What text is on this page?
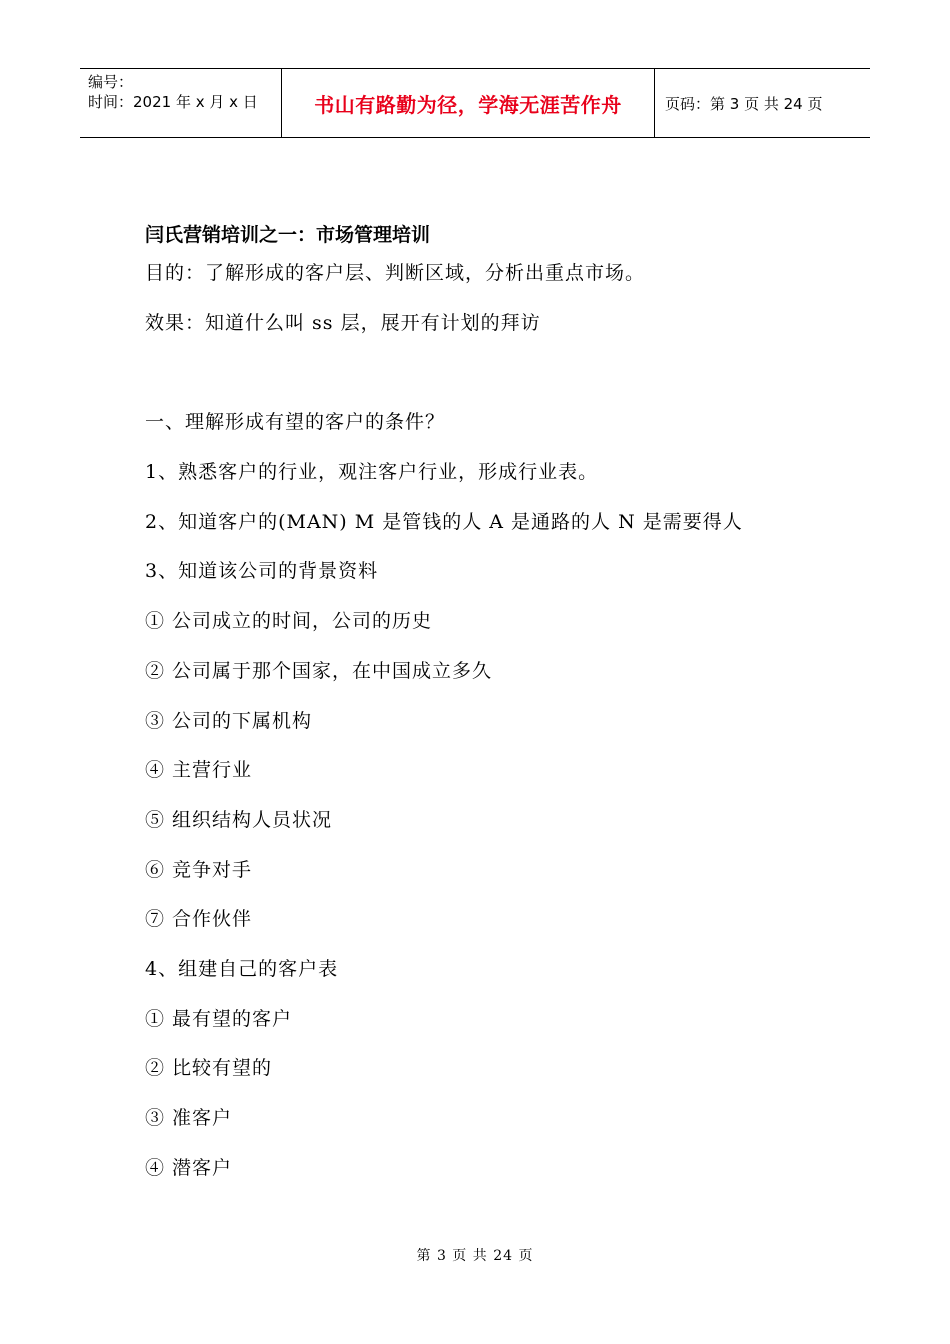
编号：
时间：2021 年 x 月 x 日	书山有路勤为径，学海无涯苦作舟	页码：第 3 页 共 24 页

闫氏营销培训之一：市场管理培训

目的：了解形成的客户层、判断区域，分析出重点市场。

效果：知道什么叫 ss 层，展开有计划的拜访

一、理解形成有望的客户的条件？

1、熟悉客户的行业，观注客户行业，形成行业表。

2、知道客户的(MAN) M 是管钱的人 A 是通路的人 N 是需要得人

3、知道该公司的背景资料

① 公司成立的时间，公司的历史

② 公司属于那个国家，在中国成立多久

③ 公司的下属机构

④ 主营行业

⑤ 组织结构人员状况

⑥ 竞争对手

⑦ 合作伙伴

4、组建自己的客户表

① 最有望的客户

② 比较有望的

③ 准客户

④ 潜客户

第 3 页 共 24 页
